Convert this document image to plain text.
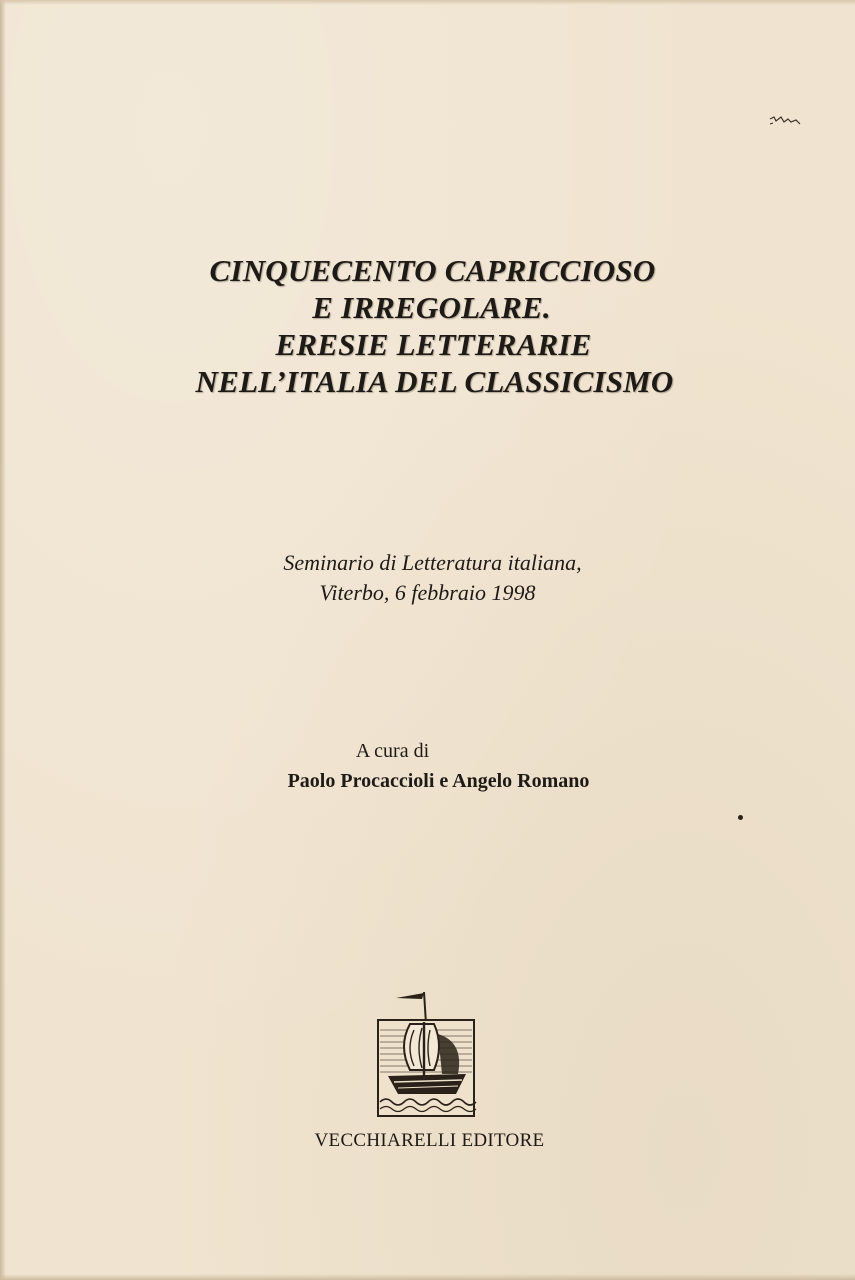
CINQUECENTO CAPRICCIOSO
E IRREGOLARE.
ERESIE LETTERARIE
NELL’ITALIA DEL CLASSICISMO
Seminario di Letteratura italiana,
Viterbo, 6 febbraio 1998
A cura di
Paolo Procaccioli e Angelo Romano
VECCHIARELLI EDITORE
